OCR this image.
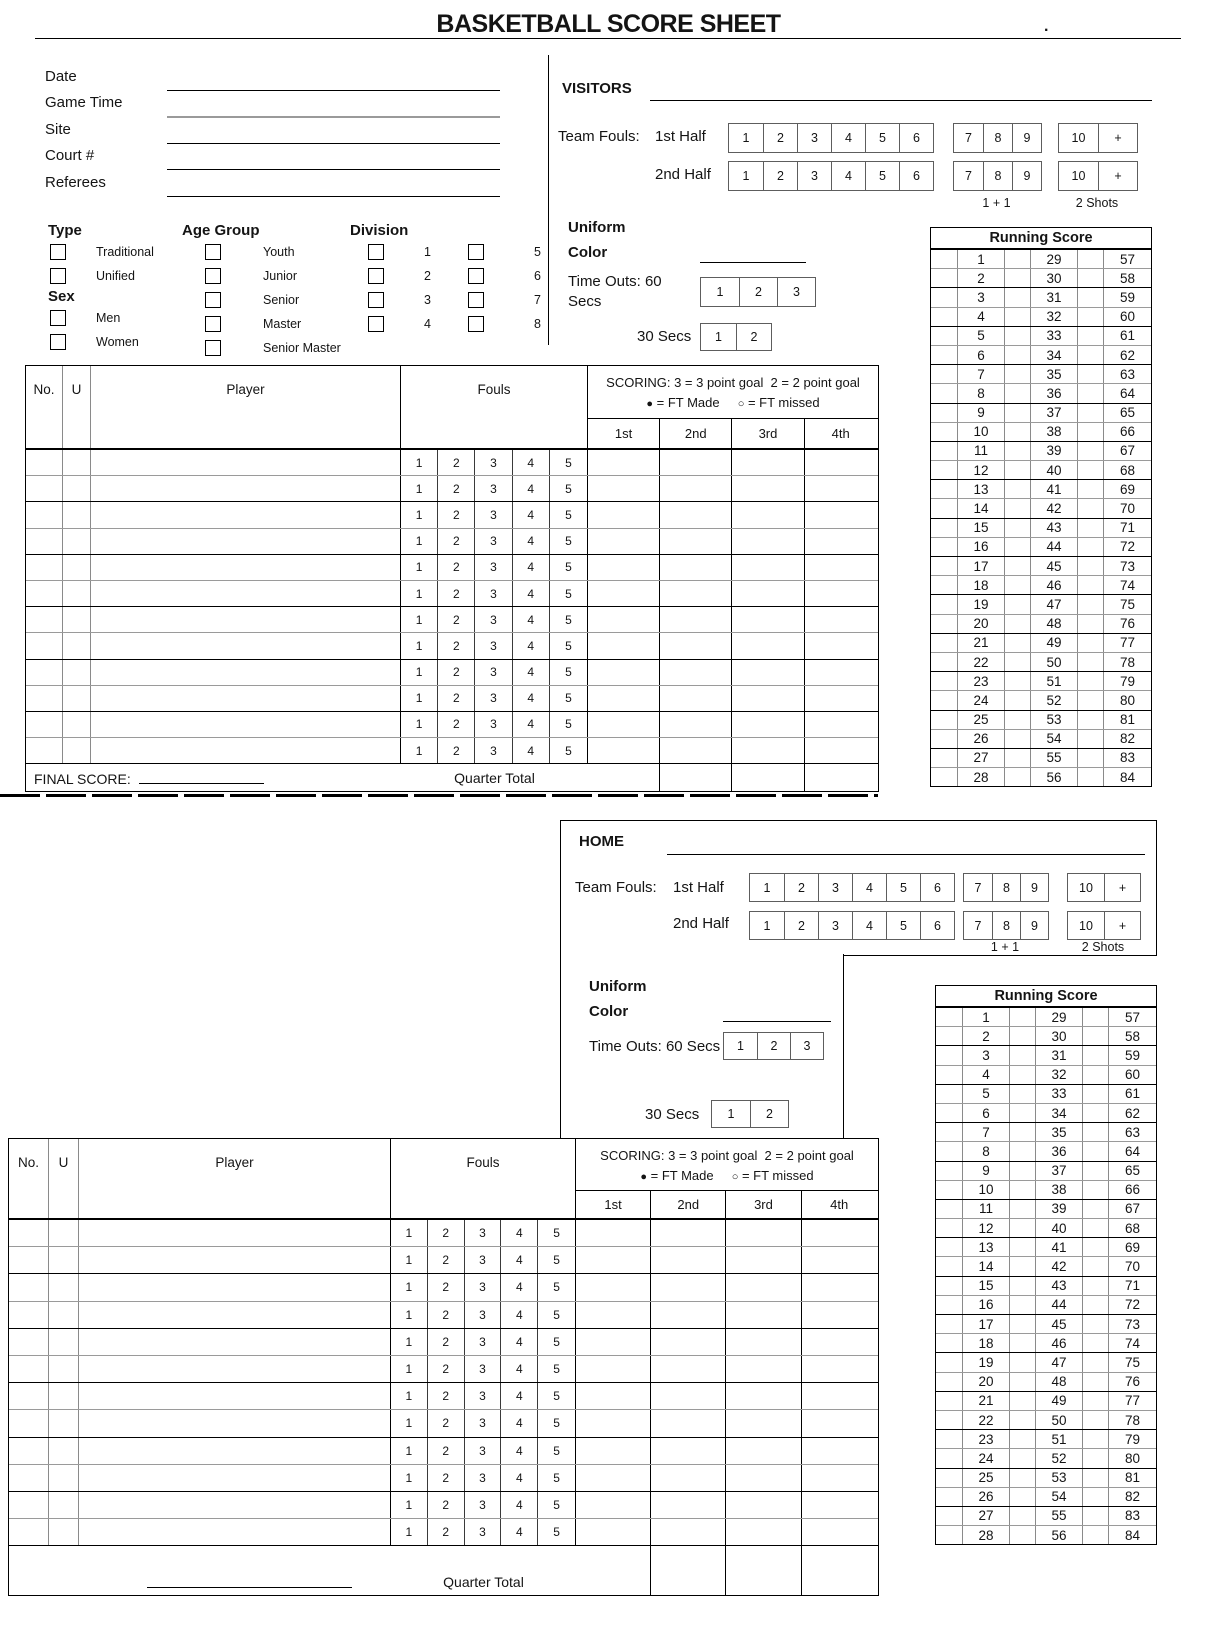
BASKETBALL SCORE SHEET	.
Date
Game Time
Site
Court #
Referees
VISITORS
Team Fouls: 1st Half	1	2	3	4	5	6	7	8	9	10	+
2nd Half	1	2	3	4	5	6	7	8	9	10	+
1 + 1	2 Shots
Type
Traditional
Unified
Sex
Men
Women
Age Group
Youth
Junior
Senior
Master
Senior Master
Division
1
2
3
4
5
6
7
8
Uniform
Color
Time Outs: 60
Secs
1	2	3
30 Secs	1	2
Running Score
1	29	57
2	30	58
3	31	59
4	32	60
5	33	61
6	34	62
7	35	63
8	36	64
9	37	65
10	38	66
11	39	67
12	40	68
13	41	69
14	42	70
15	43	71
16	44	72
17	45	73
18	46	74
19	47	75
20	48	76
21	49	77
22	50	78
23	51	79
24	52	80
25	53	81
26	54	82
27	55	83
28	56	84
No.	U	Player	Fouls	SCORING: 3 = 3 point goal  2 = 2 point goal
● = FT Made     ○ = FT missed
1st	2nd	3rd	4th
1	2	3	4	5
1	2	3	4	5
1	2	3	4	5
1	2	3	4	5
1	2	3	4	5
1	2	3	4	5
1	2	3	4	5
1	2	3	4	5
1	2	3	4	5
1	2	3	4	5
1	2	3	4	5
1	2	3	4	5
FINAL SCORE:	Quarter Total
HOME
Team Fouls: 1st Half	1	2	3	4	5	6	7	8	9	10	+
2nd Half	1	2	3	4	5	6	7	8	9	10	+
1 + 1	2 Shots
Uniform
Color
Time Outs: 60 Secs	1	2	3
30 Secs	1	2
Running Score
1	29	57
2	30	58
3	31	59
4	32	60
5	33	61
6	34	62
7	35	63
8	36	64
9	37	65
10	38	66
11	39	67
12	40	68
13	41	69
14	42	70
15	43	71
16	44	72
17	45	73
18	46	74
19	47	75
20	48	76
21	49	77
22	50	78
23	51	79
24	52	80
25	53	81
26	54	82
27	55	83
28	56	84
No.	U	Player	Fouls	SCORING: 3 = 3 point goal  2 = 2 point goal
● = FT Made     ○ = FT missed
1st	2nd	3rd	4th
1	2	3	4	5
1	2	3	4	5
1	2	3	4	5
1	2	3	4	5
1	2	3	4	5
1	2	3	4	5
1	2	3	4	5
1	2	3	4	5
1	2	3	4	5
1	2	3	4	5
1	2	3	4	5
1	2	3	4	5
Quarter Total
